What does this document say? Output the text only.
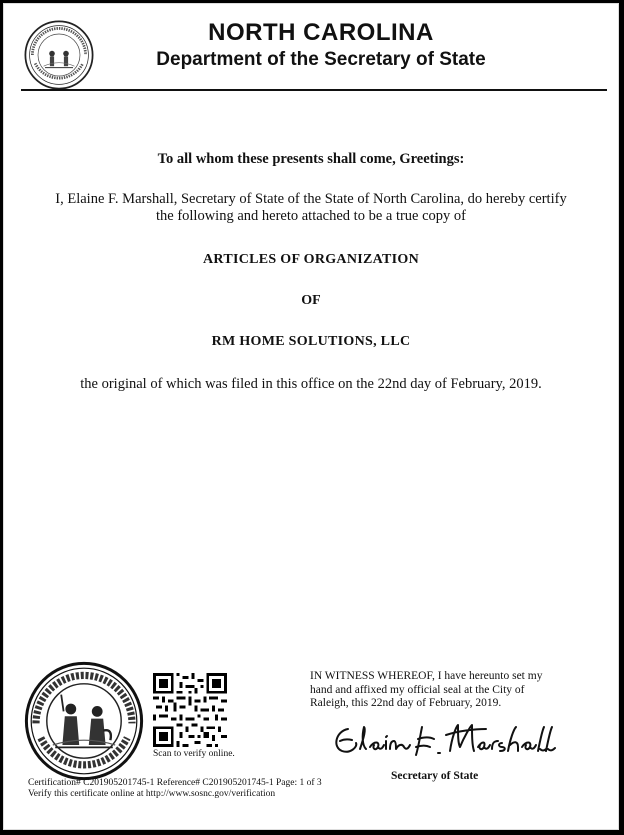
NORTH CAROLINA
Department of the Secretary of State
To all whom these presents shall come, Greetings:
I, Elaine F. Marshall, Secretary of State of the State of North Carolina, do hereby certify
the following and hereto attached to be a true copy of
ARTICLES OF ORGANIZATION
OF
RM HOME SOLUTIONS, LLC
the original of which was filed in this office on the 22nd day of February, 2019.
Scan to verify online.
IN WITNESS WHEREOF, I have hereunto set my
hand and affixed my official seal at the City of
Raleigh, this 22nd day of February, 2019.
Secretary of State
Certification# C201905201745-1 Reference# C201905201745-1 Page: 1 of 3
Verify this certificate online at http://www.sosnc.gov/verification
